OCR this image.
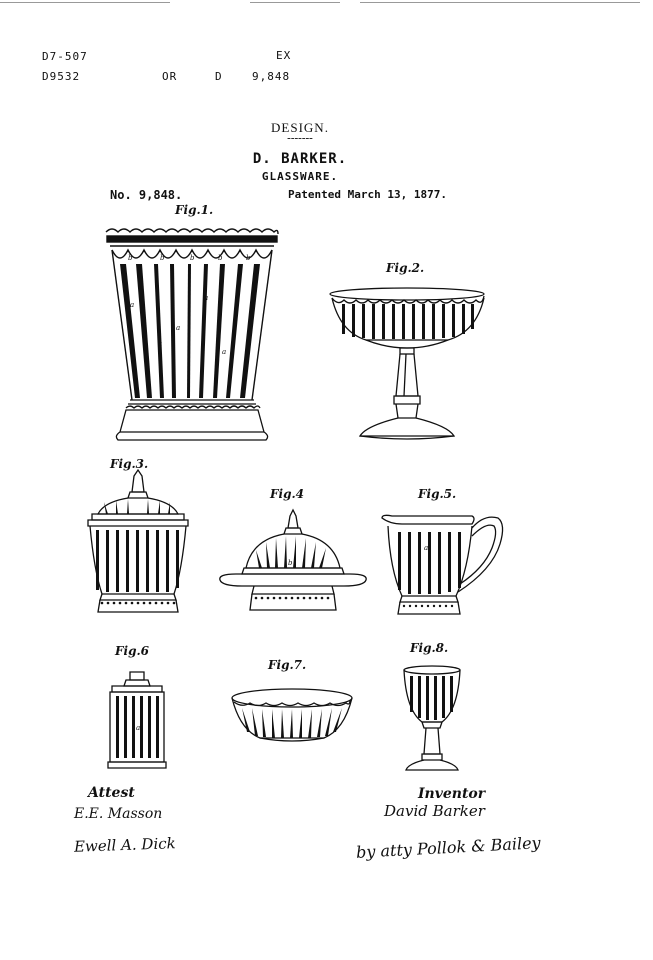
D7-507	EX
D9532	OR	D	9,848
DESIGN.
-------
D. BARKER.
GLASSWARE.
No. 9,848.	Patented March 13, 1877.
Fig.1.
Fig.2.
Fig.3.
Fig.4	Fig.5.
Fig.6
Fig.7.
Fig.8.
b	b	b	b	b
a
a
a
a
a
b
a
a
Attest
E.E. Masson
Ewell A. Dick
Inventor
David Barker
by atty Pollok & Bailey
